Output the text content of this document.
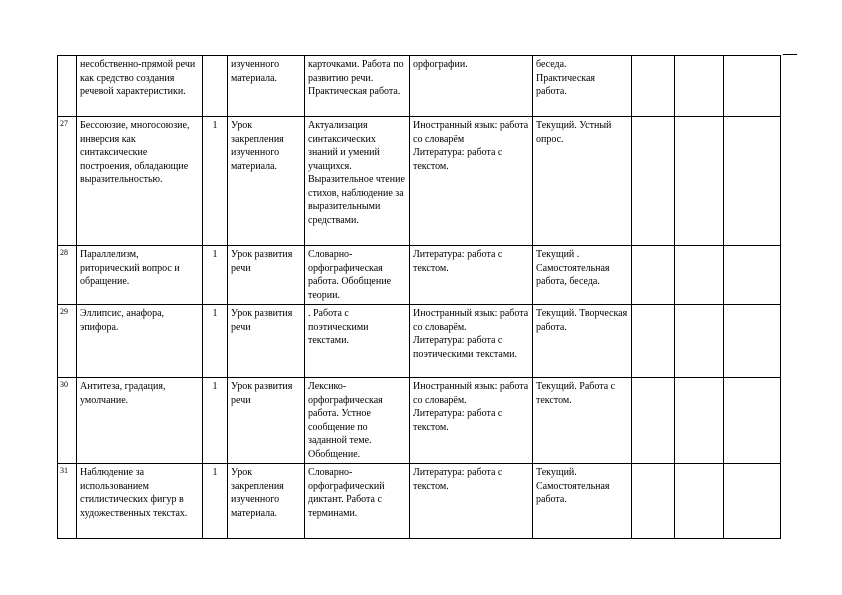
	несобственно-прямой речи как средство создания речевой характеристики.		изученного материала.	карточками. Работа по развитию речи. Практическая работа.	орфографии.	беседа. Практическая работа.			
27	Бессоюзие, многосоюзие, инверсия как синтаксические построения, обладающие выразительностью.	1	Урок закрепления изученного материала.	Актуализация синтаксических знаний и умений учащихся. Выразительное чтение стихов, наблюдение за выразительными средствами.	Иностранный язык: работа со словарём
Литература: работа с текстом.	Текущий. Устный опрос.			
28	Параллелизм, риторический вопрос и обращение.	1	Урок развития речи	Словарно-орфографическая работа. Обобщение теории.	Литература: работа с текстом.	Текущий . Самостоятельная работа, беседа.			
29	Эллипсис, анафора, эпифора.	1	Урок развития речи	. Работа с поэтическими текстами.	Иностранный язык: работа со словарём.
Литература: работа с поэтическими текстами.	Текущий. Творческая работа.			
30	Антитеза, градация, умолчание.	1	Урок развития речи	Лексико-орфографическая работа. Устное сообщение по заданной теме. Обобщение.	Иностранный язык: работа со словарём.
Литература: работа с текстом.	Текущий. Работа с текстом.			
31	Наблюдение за использованием стилистических фигур в художественных текстах.	1	Урок закрепления изученного материала.	Словарно-орфографический диктант. Работа с терминами.	Литература: работа с текстом.	Текущий. Самостоятельная работа.			
